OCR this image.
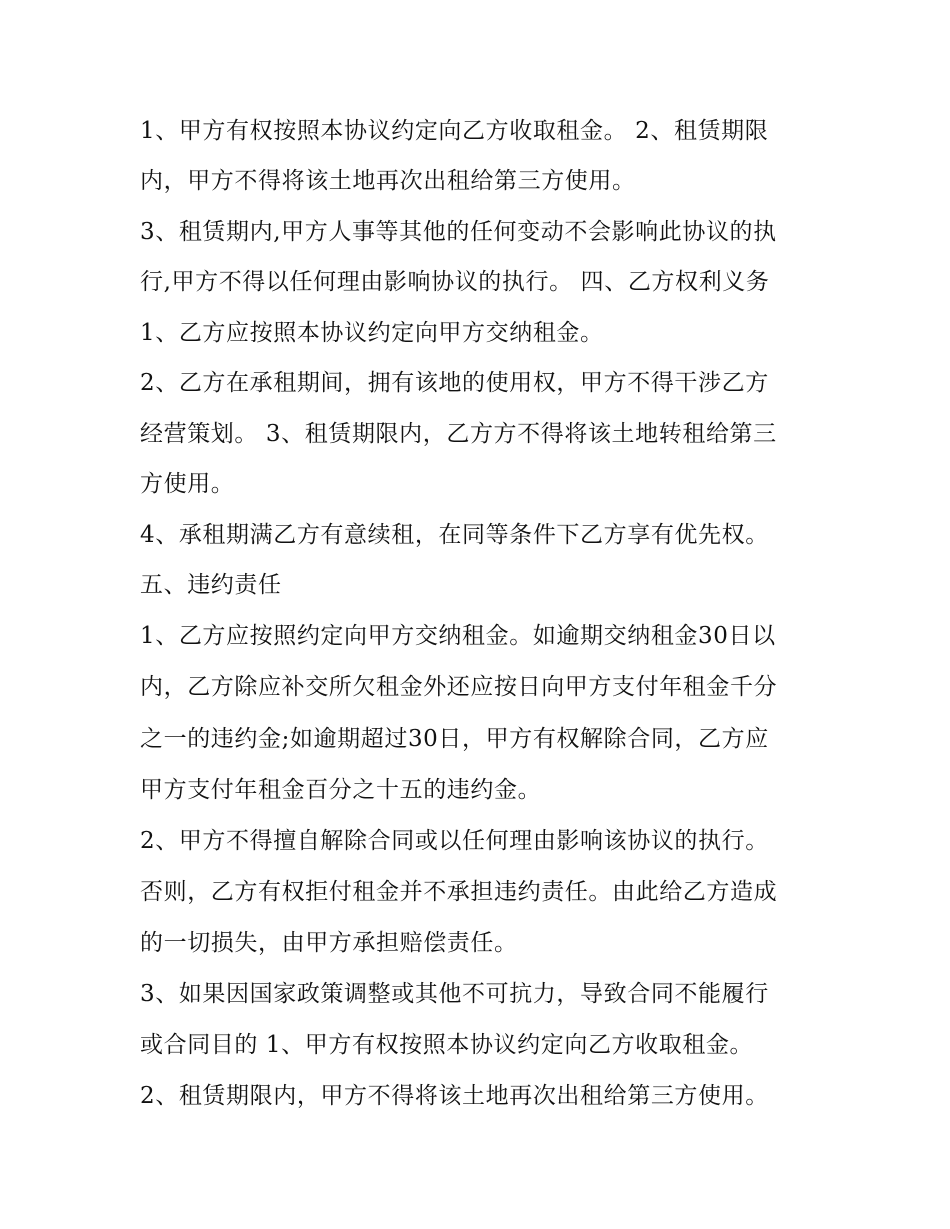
1、甲方有权按照本协议约定向乙方收取租金。 2、租赁期限

内，甲方不得将该土地再次出租给第三方使用。

3、租赁期内,甲方人事等其他的任何变动不会影响此协议的执

行,甲方不得以任何理由影响协议的执行。 四、乙方权利义务

1、乙方应按照本协议约定向甲方交纳租金。

2、乙方在承租期间，拥有该地的使用权，甲方不得干涉乙方

经营策划。 3、租赁期限内，乙方方不得将该土地转租给第三

方使用。

4、承租期满乙方有意续租，在同等条件下乙方享有优先权。

五、违约责任

1、乙方应按照约定向甲方交纳租金。如逾期交纳租金30日以

内，乙方除应补交所欠租金外还应按日向甲方支付年租金千分

之一的违约金;如逾期超过30日，甲方有权解除合同，乙方应

甲方支付年租金百分之十五的违约金。

2、甲方不得擅自解除合同或以任何理由影响该协议的执行。

否则，乙方有权拒付租金并不承担违约责任。由此给乙方造成

的一切损失，由甲方承担赔偿责任。

3、如果因国家政策调整或其他不可抗力，导致合同不能履行

或合同目的 1、甲方有权按照本协议约定向乙方收取租金。

2、租赁期限内，甲方不得将该土地再次出租给第三方使用。
